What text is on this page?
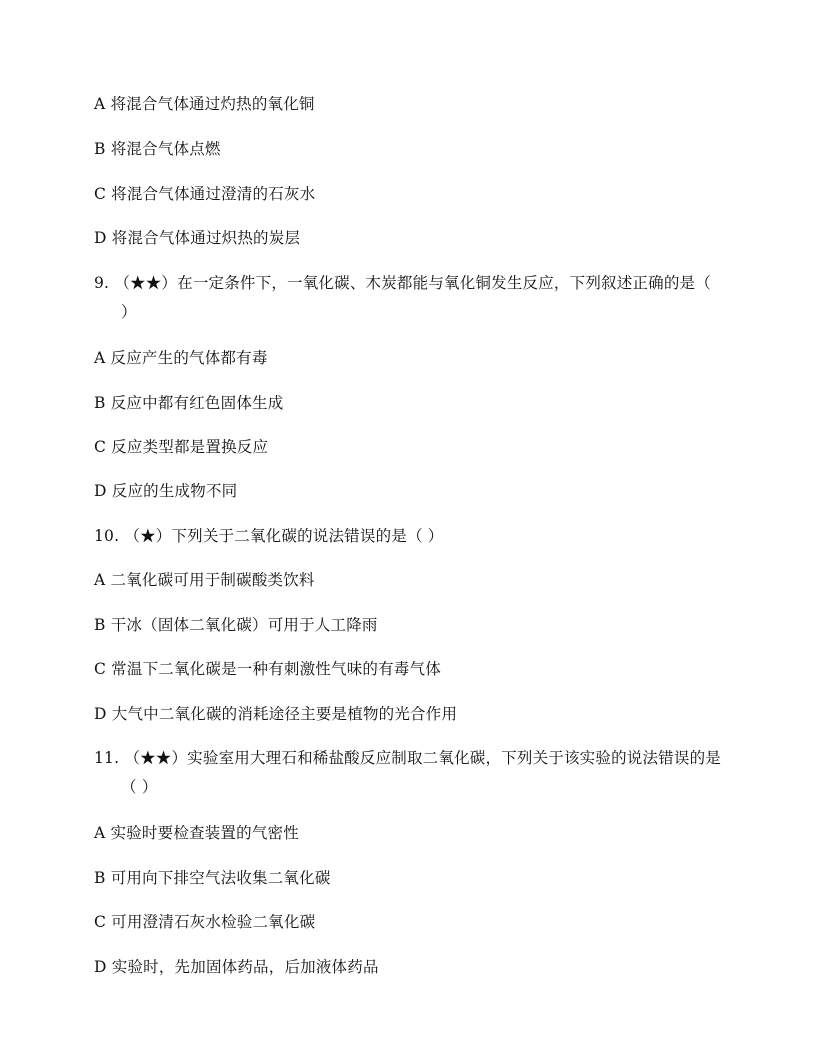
A 将混合气体通过灼热的氧化铜
B 将混合气体点燃
C 将混合气体通过澄清的石灰水
D 将混合气体通过炽热的炭层
9. （★★）在一定条件下，一氧化碳、木炭都能与氧化铜发生反应，下列叙述正确的是（
）
A 反应产生的气体都有毒
B 反应中都有红色固体生成
C 反应类型都是置换反应
D 反应的生成物不同
10. （★）下列关于二氧化碳的说法错误的是（ ）
A 二氧化碳可用于制碳酸类饮料
B 干冰（固体二氧化碳）可用于人工降雨
C 常温下二氧化碳是一种有刺激性气味的有毒气体
D 大气中二氧化碳的消耗途径主要是植物的光合作用
11. （★★）实验室用大理石和稀盐酸反应制取二氧化碳，下列关于该实验的说法错误的是
（ ）
A 实验时要检查装置的气密性
B 可用向下排空气法收集二氧化碳
C 可用澄清石灰水检验二氧化碳
D 实验时，先加固体药品，后加液体药品
